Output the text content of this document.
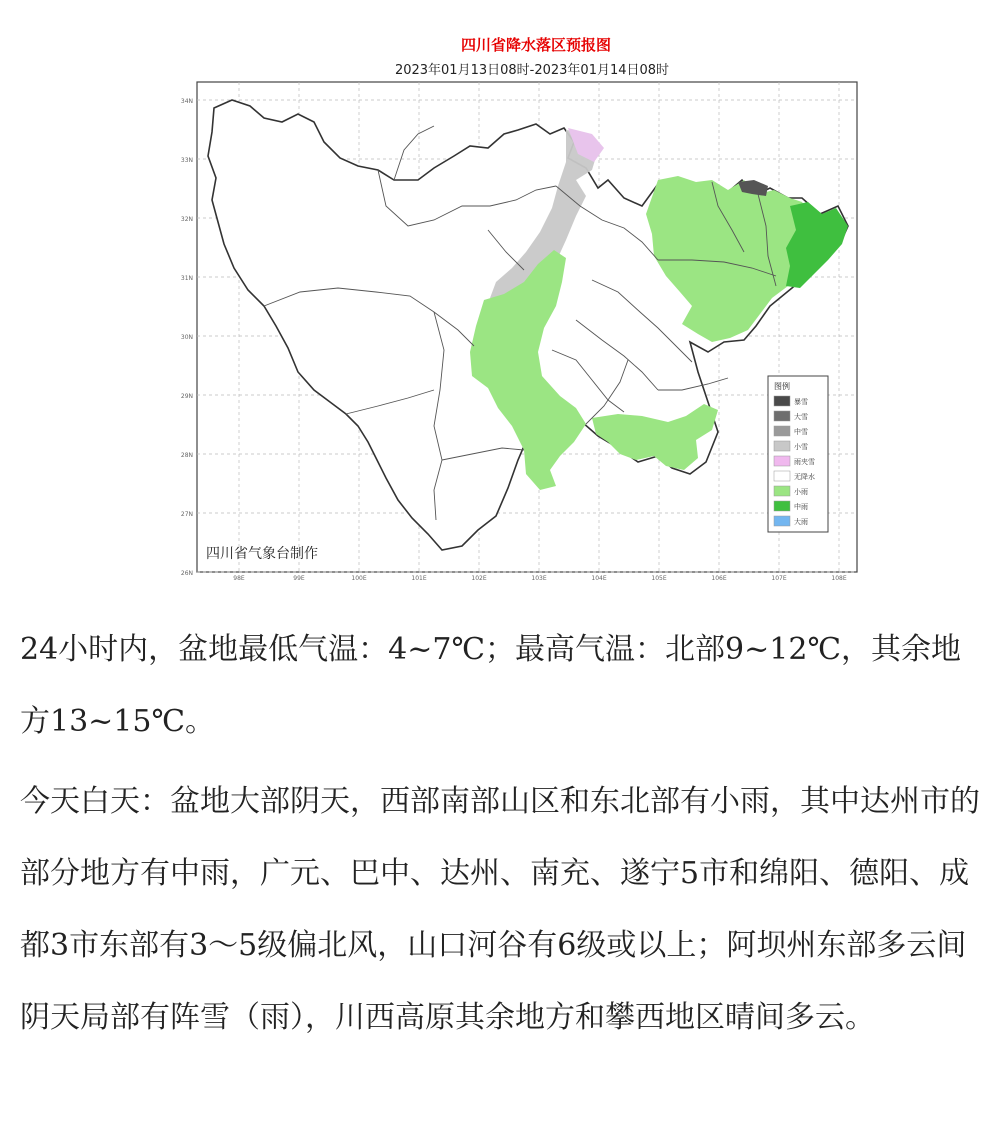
四川省降水落区预报图
2023年01月13日08时-2023年01月14日08时
四川省气象台制作
图例
暴雪
大雪
中雪
小雪
雨夹雪
无降水
小雨
中雨
大雨
34N
33N
32N
31N
30N
29N
28N
27N
26N
98E	99E	100E	101E	102E	103E	104E	105E	106E	107E	108E

24小时内，盆地最低气温：4~7℃；最高气温：北部9~12℃，其余地方13~15℃。

今天白天：盆地大部阴天，西部南部山区和东北部有小雨，其中达州市的部分地方有中雨，广元、巴中、达州、南充、遂宁5市和绵阳、德阳、成都3市东部有3～5级偏北风，山口河谷有6级或以上；阿坝州东部多云间阴天局部有阵雪（雨），川西高原其余地方和攀西地区晴间多云。
